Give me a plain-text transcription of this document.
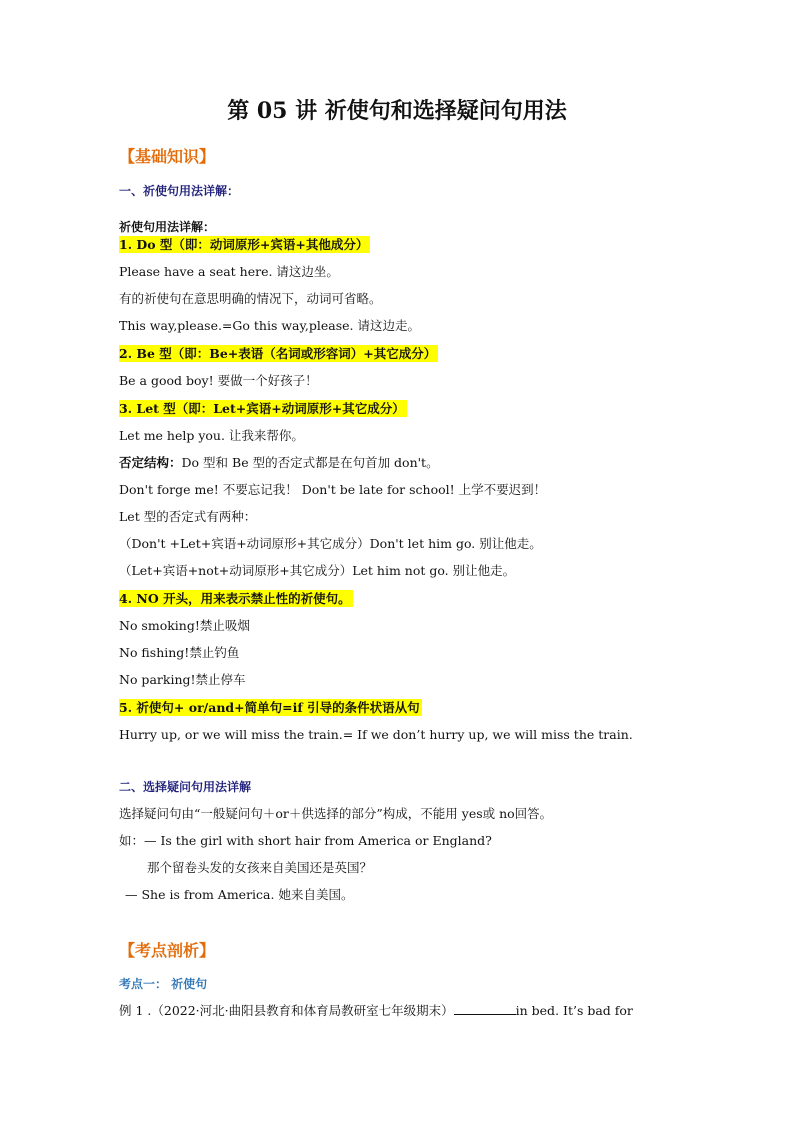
第 05 讲 祈使句和选择疑问句用法
【基础知识】
一、祈使句用法详解：
祈使句用法详解：
1. Do 型（即：动词原形+宾语+其他成分）
Please have a seat here. 请这边坐。
有的祈使句在意思明确的情况下，动词可省略。
This way,please.=Go this way,please. 请这边走。
2. Be 型（即：Be+表语（名词或形容词）+其它成分）
Be a good boy! 要做一个好孩子！
3. Let 型（即：Let+宾语+动词原形+其它成分）
Let me help you. 让我来帮你。
否定结构：Do 型和 Be 型的否定式都是在句首加 don't。
Don't forge me! 不要忘记我！ Don't be late for school! 上学不要迟到！
Let 型的否定式有两种：
（Don't +Let+宾语+动词原形+其它成分）Don't let him go. 别让他走。
（Let+宾语+not+动词原形+其它成分）Let him not go. 别让他走。
4. NO 开头，用来表示禁止性的祈使句。
No smoking!禁止吸烟
No fishing!禁止钓鱼
No parking!禁止停车
5. 祈使句+ or/and+简单句=if 引导的条件状语从句
Hurry up, or we will miss the train.= If we don’t hurry up, we will miss the train.
二、选择疑问句用法详解
选择疑问句由“一般疑问句＋or＋供选择的部分”构成，不能用 yes或 no回答。
如：— Is the girl with short hair from America or England?
那个留卷头发的女孩来自美国还是英国？
— She is from America. 她来自美国。
【考点剖析】
考点一： 祈使句
例 1 .（2022·河北·曲阳县教育和体育局教研室七年级期末）	in bed. It’s bad for
